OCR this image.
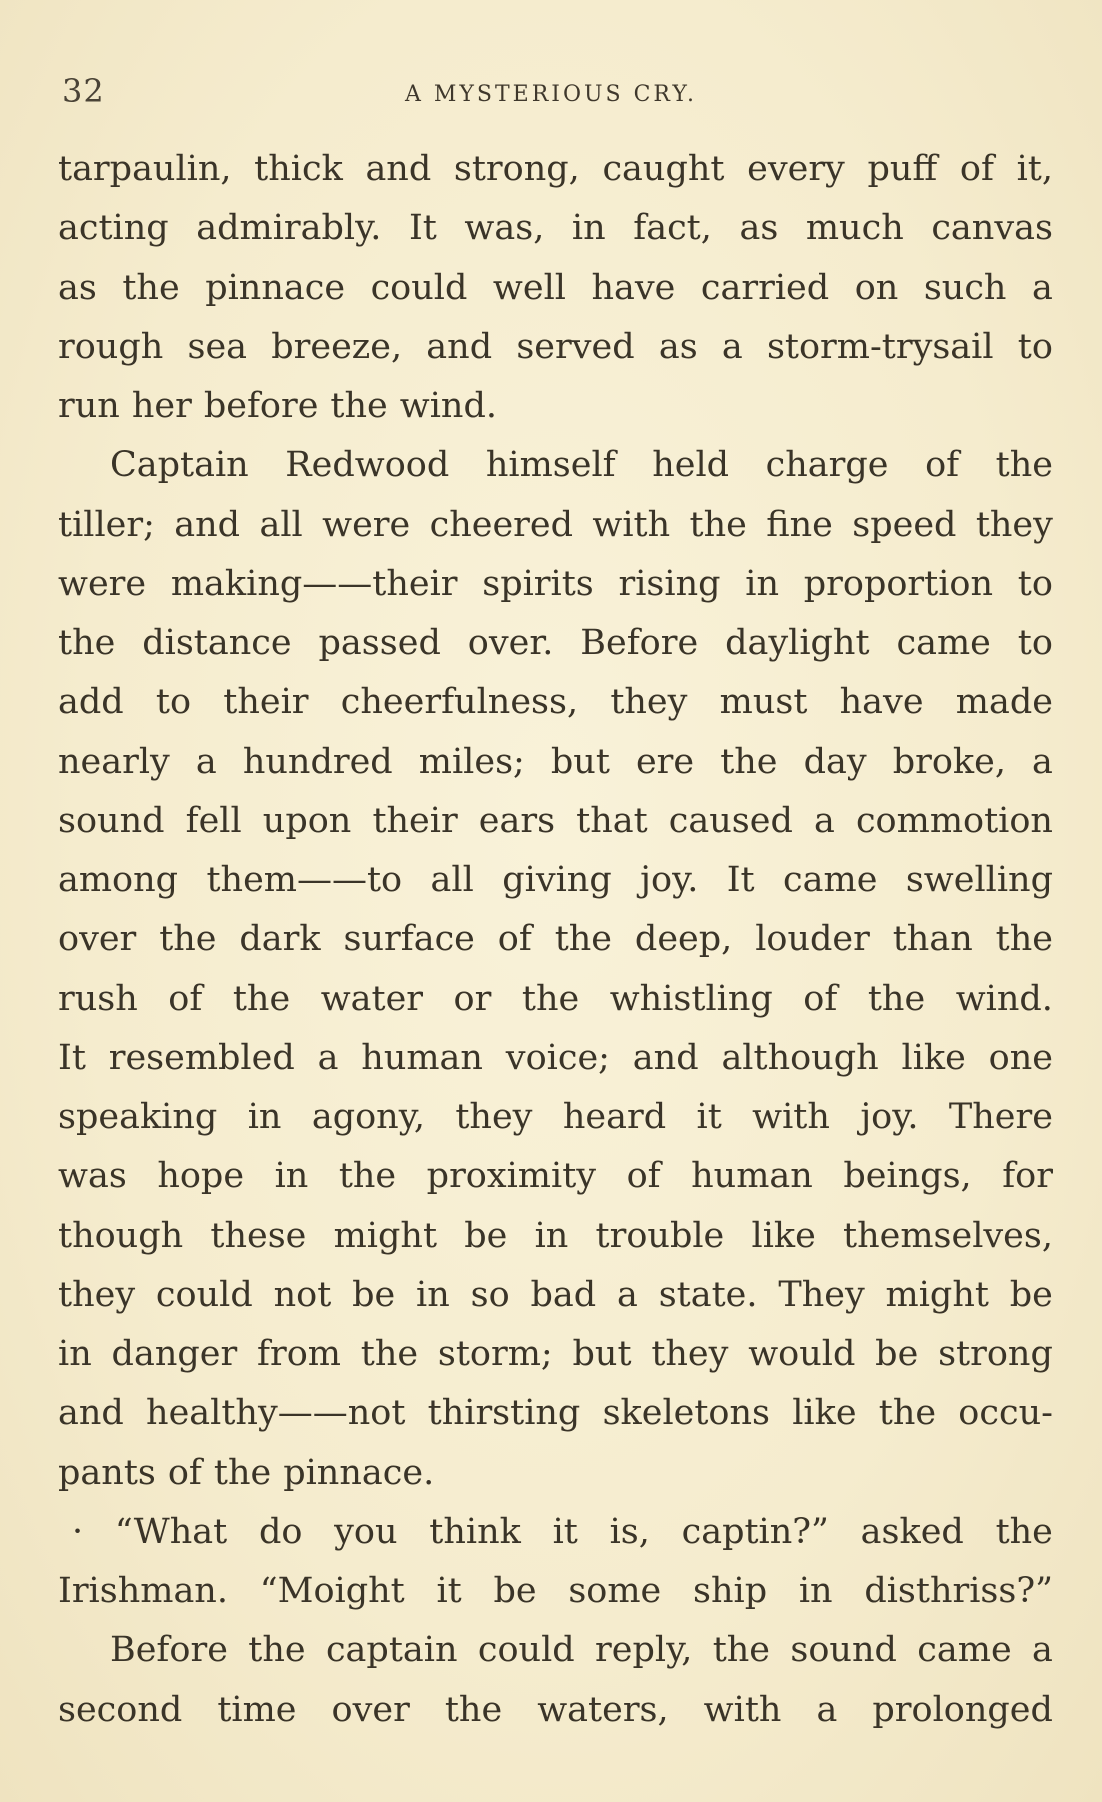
32	A MYSTERIOUS CRY.
tarpaulin, thick and strong, caught every puff of it,
acting admirably. It was, in fact, as much canvas
as the pinnace could well have carried on such a
rough sea breeze, and served as a storm-trysail to
run her before the wind.
Captain Redwood himself held charge of the
tiller; and all were cheered with the fine speed they
were making——their spirits rising in proportion to
the distance passed over. Before daylight came to
add to their cheerfulness, they must have made
nearly a hundred miles; but ere the day broke, a
sound fell upon their ears that caused a commotion
among them——to all giving joy. It came swelling
over the dark surface of the deep, louder than the
rush of the water or the whistling of the wind.
It resembled a human voice; and although like one
speaking in agony, they heard it with joy. There
was hope in the proximity of human beings, for
though these might be in trouble like themselves,
they could not be in so bad a state. They might be
in danger from the storm; but they would be strong
and healthy——not thirsting skeletons like the occu-
pants of the pinnace.
· “What do you think it is, captin?” asked the
Irishman. “Moight it be some ship in disthriss?”
Before the captain could reply, the sound came a
second time over the waters, with a prolonged
